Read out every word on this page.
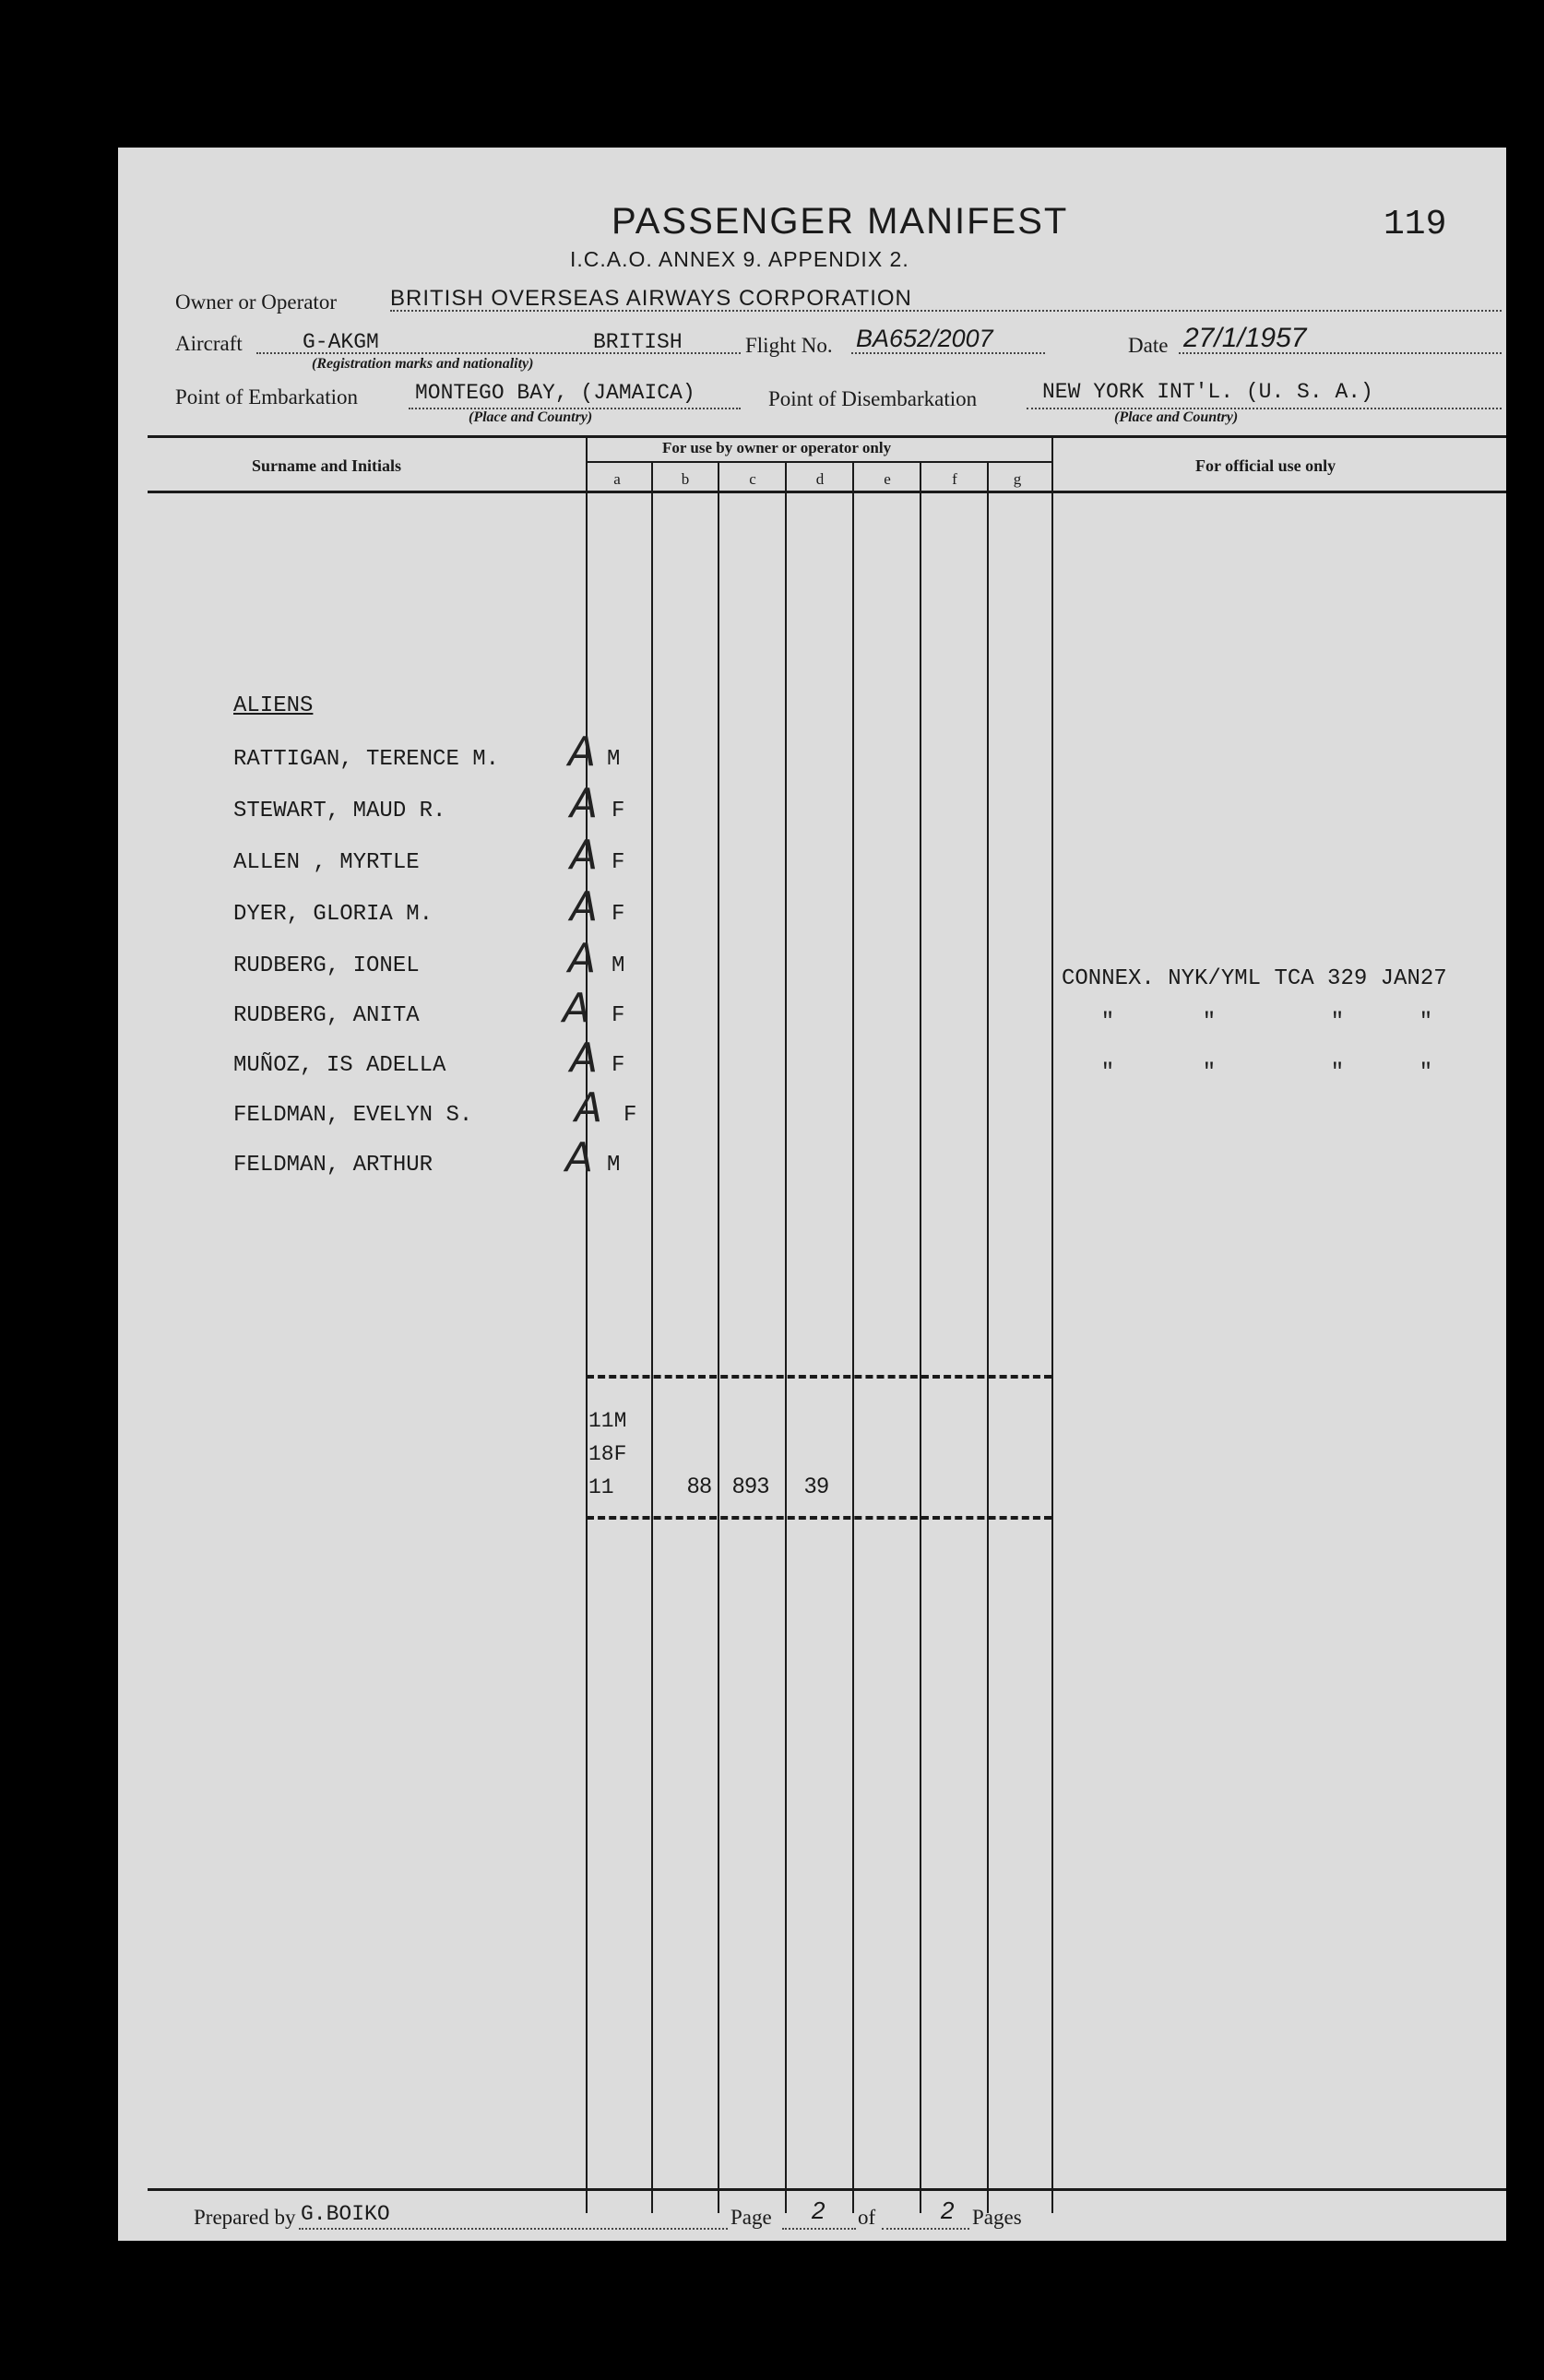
PASSENGER MANIFEST
I.C.A.O. ANNEX 9. APPENDIX 2.
119
Owner or Operator BRITISH OVERSEAS AIRWAYS CORPORATION
Aircraft	G-AKGM	BRITISH
(Registration marks and nationality)
Flight No. BA652/2007	Date 27/1/1957
Point of Embarkation	MONTEGO BAY, (JAMAICA)
(Place and Country)
Point of Disembarkation	NEW YORK INT'L. (U. S. A.)
(Place and Country)
Surname and Initials
For use by owner or operator only
For official use only
a	b	c	d	e	f	g
ALIENS
RATTIGAN, TERENCE M. A M
STEWART, MAUD R.	A F
ALLEN , MYRTLE	A F
DYER, GLORIA M.	A F
RUDBERG, IONEL	A M
RUDBERG, ANITA	A F
MUÑOZ, IS ADELLA	A F
FELDMAN, EVELYN S.	A F
FELDMAN, ARTHUR	A M
CONNEX. NYK/YML TCA 329 JAN27
"	"	"	"
"	"	"	"
11M
18F
11	88 893 39
Prepared by G.BOIKO	Page 2 of	2 Pages
